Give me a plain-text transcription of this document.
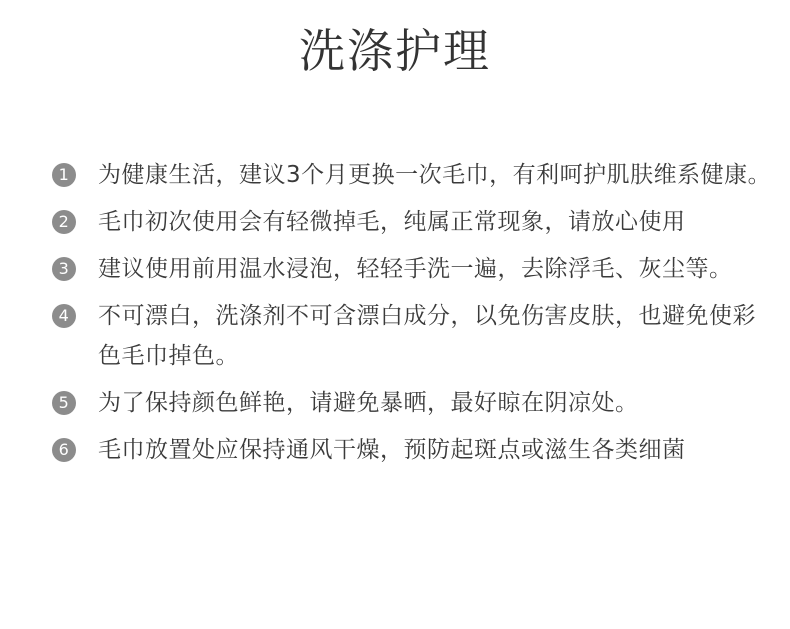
洗涤护理
1 为健康生活，建议3个月更换一次毛巾，有利呵护肌肤维系健康。
2 毛巾初次使用会有轻微掉毛，纯属正常现象，请放心使用
3 建议使用前用温水浸泡，轻轻手洗一遍，去除浮毛、灰尘等。
4 不可漂白，洗涤剂不可含漂白成分，以免伤害皮肤，也避免使彩色毛巾掉色。
5 为了保持颜色鲜艳，请避免暴晒，最好晾在阴凉处。
6 毛巾放置处应保持通风干燥，预防起斑点或滋生各类细菌
